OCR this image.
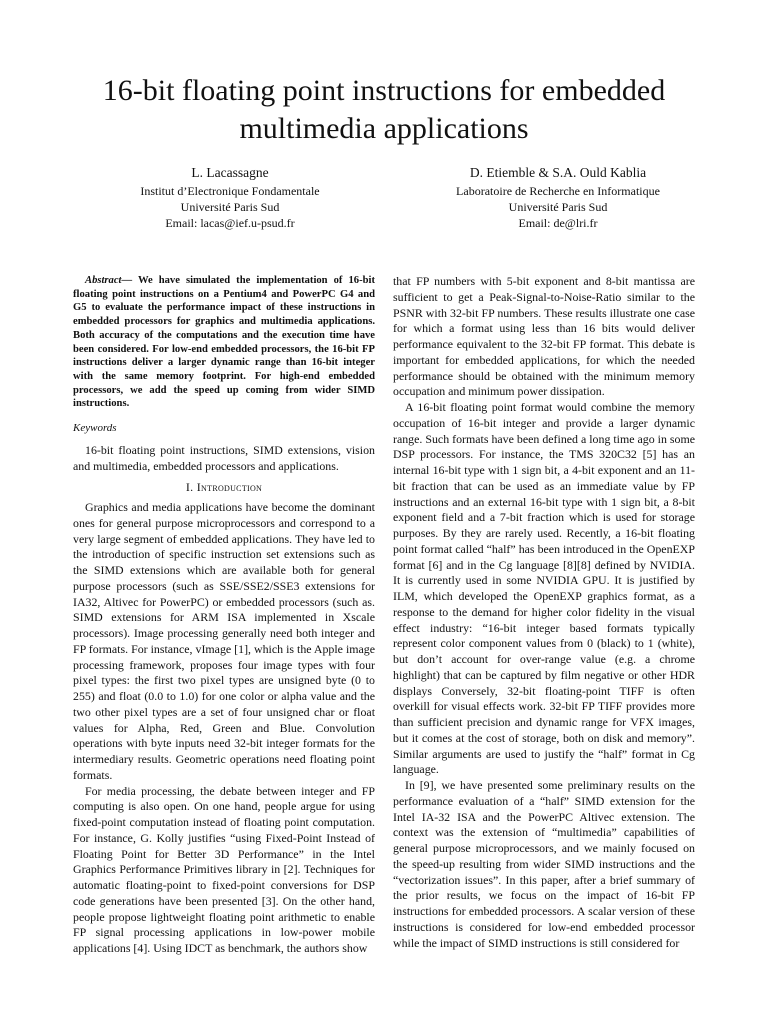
16-bit floating point instructions for embedded multimedia applications
L. Lacassagne
Institut d’Electronique Fondamentale
Université Paris Sud
Email: lacas@ief.u-psud.fr
D. Etiemble & S.A. Ould Kablia
Laboratoire de Recherche en Informatique
Université Paris Sud
Email: de@lri.fr

Abstract— We have simulated the implementation of 16-bit floating point instructions on a Pentium4 and PowerPC G4 and G5 to evaluate the performance impact of these instructions in embedded processors for graphics and multimedia applications. Both accuracy of the computations and the execution time have been considered. For low-end embedded processors, the 16-bit FP instructions deliver a larger dynamic range than 16-bit integer with the same memory footprint. For high-end embedded processors, we add the speed up coming from wider SIMD instructions.

Keywords

16-bit floating point instructions, SIMD extensions, vision and multimedia, embedded processors and applications.

I. Introduction

Graphics and media applications have become the dominant ones for general purpose microprocessors and correspond to a very large segment of embedded applications. They have led to the introduction of specific instruction set extensions such as the SIMD extensions which are available both for general purpose processors (such as SSE/SSE2/SSE3 extensions for IA32, Altivec for PowerPC) or embedded processors (such as. SIMD extensions for ARM ISA implemented in Xscale processors). Image processing generally need both integer and FP formats. For instance, vImage [1], which is the Apple image processing framework, proposes four image types with four pixel types: the first two pixel types are unsigned byte (0 to 255) and float (0.0 to 1.0) for one color or alpha value and the two other pixel types are a set of four unsigned char or float values for Alpha, Red, Green and Blue. Convolution operations with byte inputs need 32-bit integer formats for the intermediary results. Geometric operations need floating point formats.

For media processing, the debate between integer and FP computing is also open. On one hand, people argue for using fixed-point computation instead of floating point computation. For instance, G. Kolly justifies “using Fixed-Point Instead of Floating Point for Better 3D Performance” in the Intel Graphics Performance Primitives library in [2]. Techniques for automatic floating-point to fixed-point conversions for DSP code generations have been presented [3]. On the other hand, people propose lightweight floating point arithmetic to enable FP signal processing applications in low-power mobile applications [4]. Using IDCT as benchmark, the authors show

that FP numbers with 5-bit exponent and 8-bit mantissa are sufficient to get a Peak-Signal-to-Noise-Ratio similar to the PSNR with 32-bit FP numbers. These results illustrate one case for which a format using less than 16 bits would deliver performance equivalent to the 32-bit FP format. This debate is important for embedded applications, for which the needed performance should be obtained with the minimum memory occupation and minimum power dissipation.

A 16-bit floating point format would combine the memory occupation of 16-bit integer and provide a larger dynamic range. Such formats have been defined a long time ago in some DSP processors. For instance, the TMS 320C32 [5] has an internal 16-bit type with 1 sign bit, a 4-bit exponent and an 11-bit fraction that can be used as an immediate value by FP instructions and an external 16-bit type with 1 sign bit, a 8-bit exponent field and a 7-bit fraction which is used for storage purposes. By they are rarely used. Recently, a 16-bit floating point format called “half” has been introduced in the OpenEXP format [6] and in the Cg language [8][8] defined by NVIDIA. It is currently used in some NVIDIA GPU. It is justified by ILM, which developed the OpenEXP graphics format, as a response to the demand for higher color fidelity in the visual effect industry: “16-bit integer based formats typically represent color component values from 0 (black) to 1 (white), but don’t account for over-range value (e.g. a chrome highlight) that can be captured by film negative or other HDR displays Conversely, 32-bit floating-point TIFF is often overkill for visual effects work. 32-bit FP TIFF provides more than sufficient precision and dynamic range for VFX images, but it comes at the cost of storage, both on disk and memory”. Similar arguments are used to justify the “half” format in Cg language.

In [9], we have presented some preliminary results on the performance evaluation of a “half” SIMD extension for the Intel IA-32 ISA and the PowerPC Altivec extension. The context was the extension of “multimedia” capabilities of general purpose microprocessors, and we mainly focused on the speed-up resulting from wider SIMD instructions and the “vectorization issues”. In this paper, after a brief summary of the prior results, we focus on the impact of 16-bit FP instructions for embedded processors. A scalar version of these instructions is considered for low-end embedded processor while the impact of SIMD instructions is still considered for
